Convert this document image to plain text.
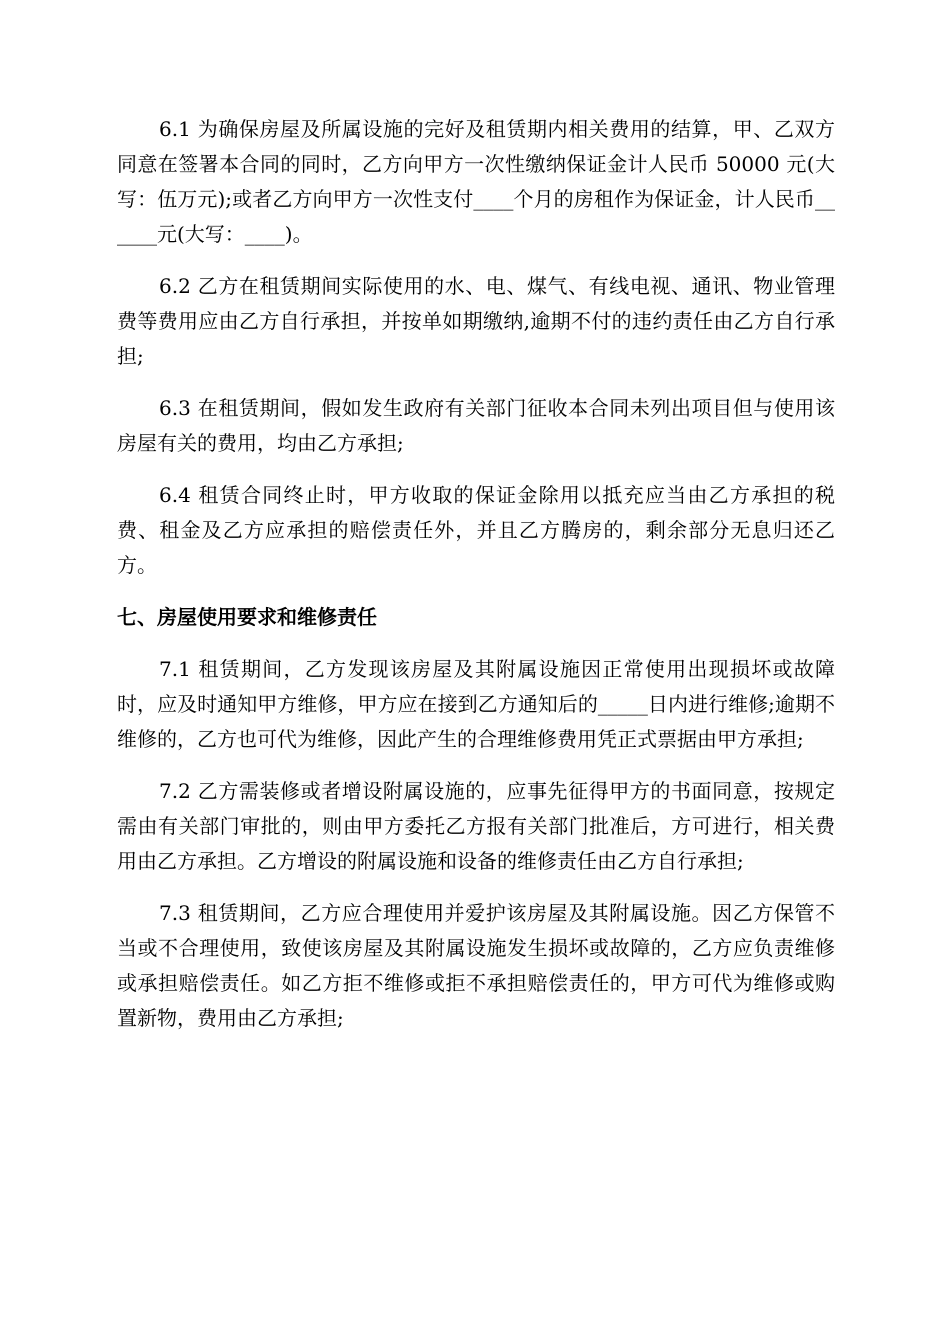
6.1 为确保房屋及所属设施的完好及租赁期内相关费用的结算，甲、乙双方同意在签署本合同的同时，乙方向甲方一次性缴纳保证金计人民币 50000 元(大写：伍万元);或者乙方向甲方一次性支付____个月的房租作为保证金，计人民币______元(大写：____)。

6.2 乙方在租赁期间实际使用的水、电、煤气、有线电视、通讯、物业管理费等费用应由乙方自行承担，并按单如期缴纳,逾期不付的违约责任由乙方自行承担;

6.3 在租赁期间，假如发生政府有关部门征收本合同未列出项目但与使用该房屋有关的费用，均由乙方承担;

6.4 租赁合同终止时，甲方收取的保证金除用以抵充应当由乙方承担的税费、租金及乙方应承担的赔偿责任外，并且乙方腾房的，剩余部分无息归还乙方。

七、房屋使用要求和维修责任

7.1 租赁期间，乙方发现该房屋及其附属设施因正常使用出现损坏或故障时，应及时通知甲方维修，甲方应在接到乙方通知后的_____日内进行维修;逾期不维修的，乙方也可代为维修，因此产生的合理维修费用凭正式票据由甲方承担;

7.2 乙方需装修或者增设附属设施的，应事先征得甲方的书面同意，按规定需由有关部门审批的，则由甲方委托乙方报有关部门批准后，方可进行，相关费用由乙方承担。乙方增设的附属设施和设备的维修责任由乙方自行承担;

7.3 租赁期间，乙方应合理使用并爱护该房屋及其附属设施。因乙方保管不当或不合理使用，致使该房屋及其附属设施发生损坏或故障的，乙方应负责维修或承担赔偿责任。如乙方拒不维修或拒不承担赔偿责任的，甲方可代为维修或购置新物，费用由乙方承担;
